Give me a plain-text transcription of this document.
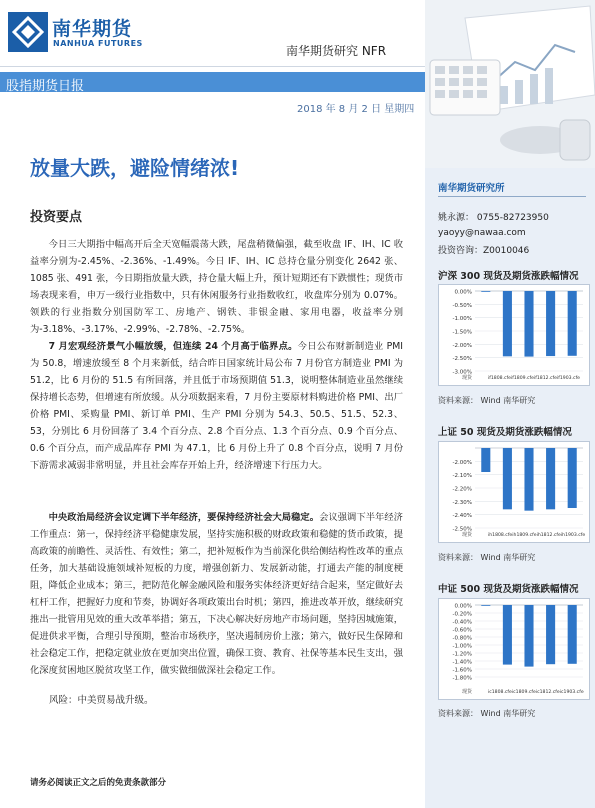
南华期货
NANHUA FUTURES
南华期货研究 NFR
股指期货日报
2018 年 8 月 2 日 星期四
放量大跌，避险情绪浓!
投资要点

今日三大期指中幅高开后全天宽幅震荡大跌，尾盘稍微偏强，截至收盘 IF、IH、IC 收益率分别为-2.45%、-2.36%、-1.49%。今日 IF、IH、IC 总持仓量分别变化 2642 张、1085 张、491 张，今日期指放量大跌，持仓量大幅上升，预计短期还有下跌惯性；现货市场表现来看，申万一级行业指数中，只有休闲服务行业指数收红，收盘库分别为 0.07%。领跌的行业指数分别国防军工、房地产、钢铁、非银金融、家用电器，收益率分别为-3.18%、-3.17%、-2.99%、-2.78%、-2.75%。

7 月宏观经济景气小幅放缓，但连续 24 个月高于临界点。今日公布财新制造业 PMI 为 50.8，增速放缓至 8 个月来新低，结合昨日国家统计局公布 7 月份官方制造业 PMI 为 51.2，比 6 月份的 51.5 有所回落，并且低于市场预期值 51.3，说明整体制造业虽然继续保持增长态势，但增速有所放缓。从分项数据来看，7 月份主要原材料购进价格 PMI、出厂价格 PMI、采购量 PMI、新订单 PMI、生产 PMI 分别为 54.3、50.5、51.5、52.3、53，分别比 6 月份回落了 3.4 个百分点、2.8 个百分点、1.3 个百分点、0.9 个百分点、0.6 个百分点，而产成品库存 PMI 为 47.1，比 6 月份上升了 0.8 个百分点，说明 7 月份下游需求减弱非常明显，并且社会库存开始上升，经济增速下行压力大。

中央政治局经济会议定调下半年经济，要保持经济社会大局稳定。会议强调下半年经济工作重点：第一，保持经济平稳健康发展，坚持实施积极的财政政策和稳健的货币政策，提高政策的前瞻性、灵活性、有效性；第二，把补短板作为当前深化供给侧结构性改革的重点任务，加大基础设施领域补短板的力度，增强创新力、发展新动能，打通去产能的制度梗阻，降低企业成本；第三，把防范化解金融风险和服务实体经济更好结合起来，坚定做好去杠杆工作，把握好力度和节奏，协调好各项政策出台时机；第四，推进改革开放，继续研究推出一批管用见效的重大改革举措；第五，下决心解决好房地产市场问题，坚持因城施策，促进供求平衡，合理引导预期，整治市场秩序，坚决遏制房价上涨；第六，做好民生保障和社会稳定工作，把稳定就业放在更加突出位置，确保工资、教育、社保等基本民生支出，强化深度贫困地区脱贫攻坚工作，做实做细做深社会稳定工作。

风险：中美贸易战升级。
请务必阅读正文之后的免责条款部分
南华期货研究所
姚永源： 0755-82723950
yaoyy@nawaa.com
投资咨询：Z0010046
沪深 300 现货及期货涨跌幅情况
0.00%
-0.50%
-1.00%
-1.50%
-2.00%
-2.50%
-3.00%
现货	if1808.cfeif1809.cfeif1812.cfeif1903.cfe
资料来源： Wind 南华研究
上证 50 现货及期货涨跌幅情况
-2.00%
-2.10%
-2.20%
-2.30%
-2.40%
-2.50%
现货	ih1808.cfeih1809.cfeih1812.cfeih1903.cfe
资料来源： Wind 南华研究
中证 500 现货及期货涨跌幅情况
0.00%
-0.20%
-0.40%
-0.60%
-0.80%
-1.00%
-1.20%
-1.40%
-1.60%
-1.80%
现货	ic1808.cfeic1809.cfeic1812.cfeic1903.cfe
资料来源： Wind 南华研究
